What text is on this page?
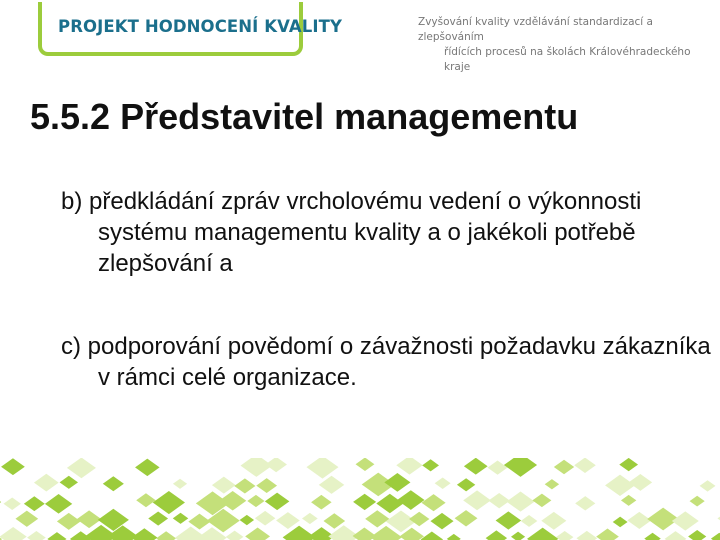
PROJEKT HODNOCENÍ KVALITY	Zvyšování kvality vzdělávání standardizací a zlepšováním
řídících procesů na školách Královéhradeckého kraje
5.5.2 Představitel managementu

b) předkládání zpráv vrcholovému vedení o výkonnosti systému managementu kvality a o jakékoli potřebě zlepšování a

c) podporování povědomí o závažnosti požadavku zákazníka v rámci celé organizace.
